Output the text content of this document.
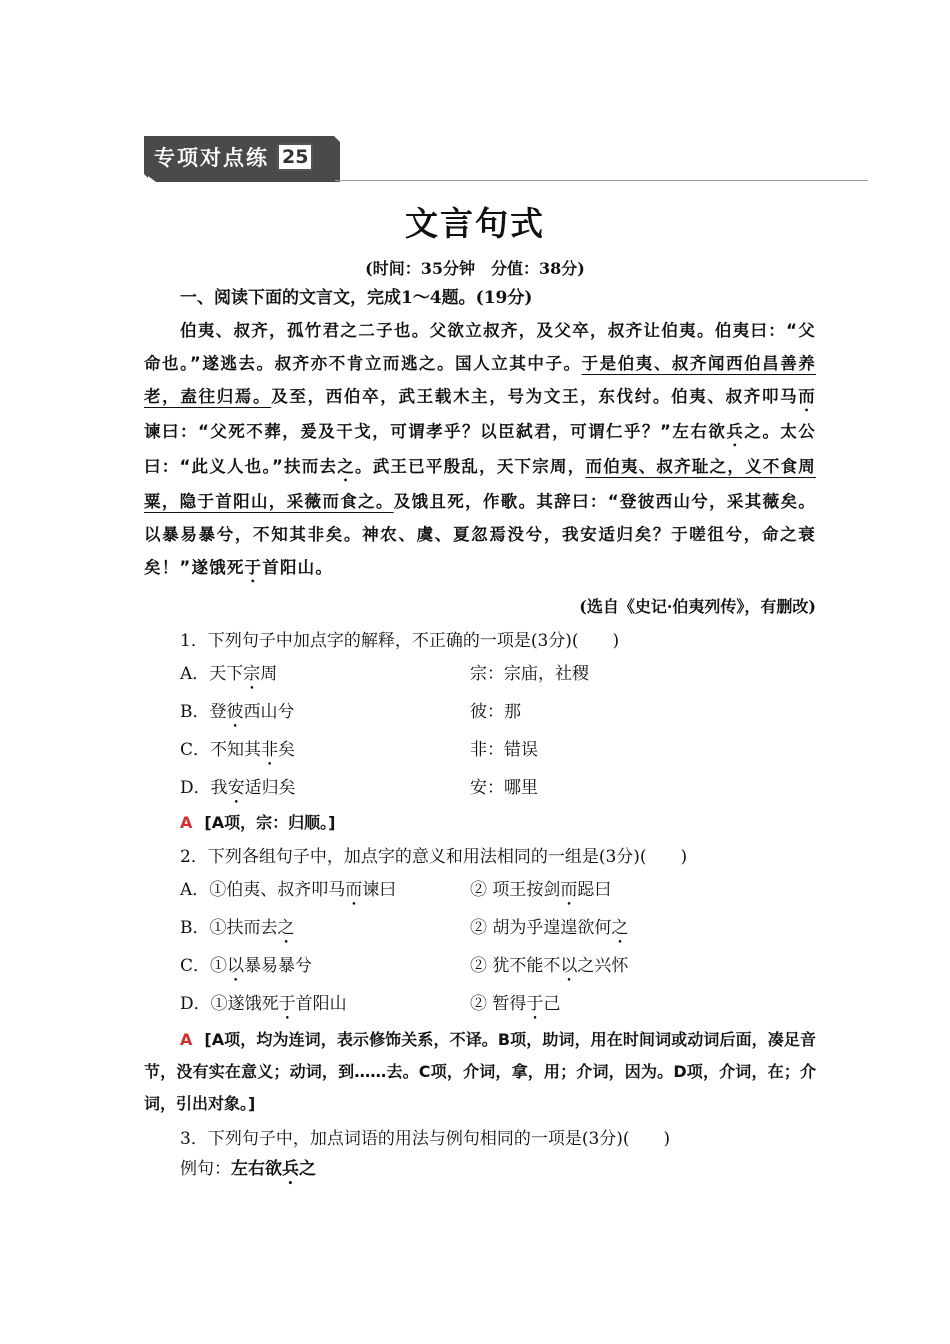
专项对点练 25
文言句式
(时间：35分钟　分值：38分)
一、阅读下面的文言文，完成1～4题。(19分)
伯夷、叔齐，孤竹君之二子也。父欲立叔齐，及父卒，叔齐让伯夷。伯夷曰：“父命也。”遂逃去。叔齐亦不肯立而逃之。国人立其中子。于是伯夷、叔齐闻西伯昌善养老，盍往归焉。及至，西伯卒，武王载木主，号为文王，东伐纣。伯夷、叔齐叩马而谏曰：“父死不葬，爰及干戈，可谓孝乎？以臣弑君，可谓仁乎？”左右欲兵之。太公曰：“此义人也。”扶而去之。武王已平殷乱，天下宗周，而伯夷、叔齐耻之，义不食周粟，隐于首阳山，采薇而食之。及饿且死，作歌。其辞曰：“登彼西山兮，采其薇矣。以暴易暴兮，不知其非矣。神农、虞、夏忽焉没兮，我安适归矣？于嗟徂兮，命之衰矣！”遂饿死于首阳山。
(选自《史记·伯夷列传》，有删改)
1．下列句子中加点字的解释，不正确的一项是(3分)(　　)
A．天下宗周	宗：宗庙，社稷
B．登彼西山兮	彼：那
C．不知其非矣	非：错误
D．我安适归矣	安：哪里
A [A项，宗：归顺。]
2．下列各组句子中，加点字的意义和用法相同的一组是(3分)(　　)
A．①伯夷、叔齐叩马而谏曰	② 项王按剑而跽曰
B．①扶而去之	② 胡为乎遑遑欲何之
C．①以暴易暴兮	② 犹不能不以之兴怀
D．①遂饿死于首阳山	② 暂得于己
A [A项，均为连词，表示修饰关系，不译。B项，助词，用在时间词或动词后面，凑足音节，没有实在意义；动词，到……去。C项，介词，拿，用；介词，因为。D项，介词，在；介词，引出对象。]
3．下列句子中，加点词语的用法与例句相同的一项是(3分)(　　)
例句：左右欲兵之
